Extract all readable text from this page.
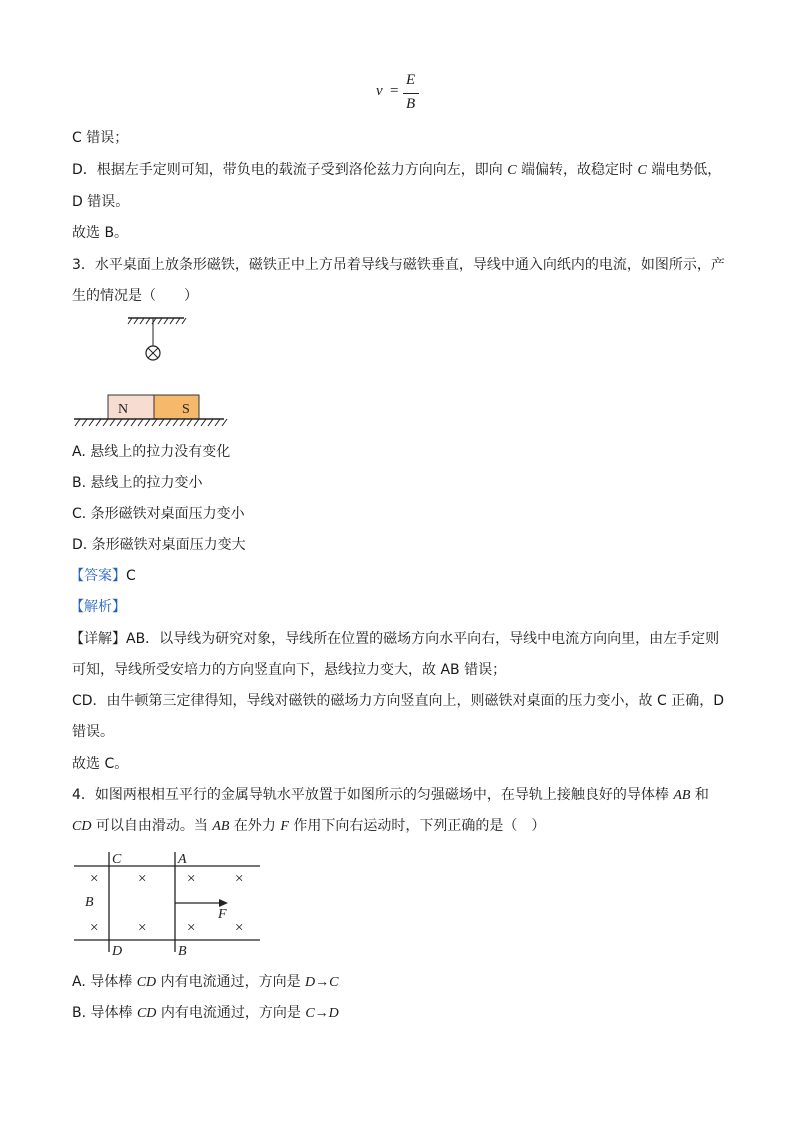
v =
E
B
C 错误；
D．根据左手定则可知，带负电的载流子受到洛伦兹力方向向左，即向 C 端偏转，故稳定时 C 端电势低，
D 错误。
故选 B。
3．水平桌面上放条形磁铁，磁铁正中上方吊着导线与磁铁垂直，导线中通入向纸内的电流，如图所示，产
生的情况是（　　）
N	S
A. 悬线上的拉力没有变化
B. 悬线上的拉力变小
C. 条形磁铁对桌面压力变小
D. 条形磁铁对桌面压力变大
【答案】C
【解析】
【详解】AB．以导线为研究对象，导线所在位置的磁场方向水平向右，导线中电流方向向里，由左手定则
可知，导线所受安培力的方向竖直向下，悬线拉力变大，故 AB 错误；
CD．由牛顿第三定律得知，导线对磁铁的磁场力方向竖直向上，则磁铁对桌面的压力变小，故 C 正确，D
错误。
故选 C。
4．如图两根相互平行的金属导轨水平放置于如图所示的匀强磁场中，在导轨上接触良好的导体棒 AB 和
CD 可以自由滑动。当 AB 在外力 F 作用下向右运动时，下列正确的是（　）
C	A
D	B
B
F
×	×	×	×
×	×	×	×
A. 导体棒 CD 内有电流通过，方向是 D→C
B. 导体棒 CD 内有电流通过，方向是 C→D
